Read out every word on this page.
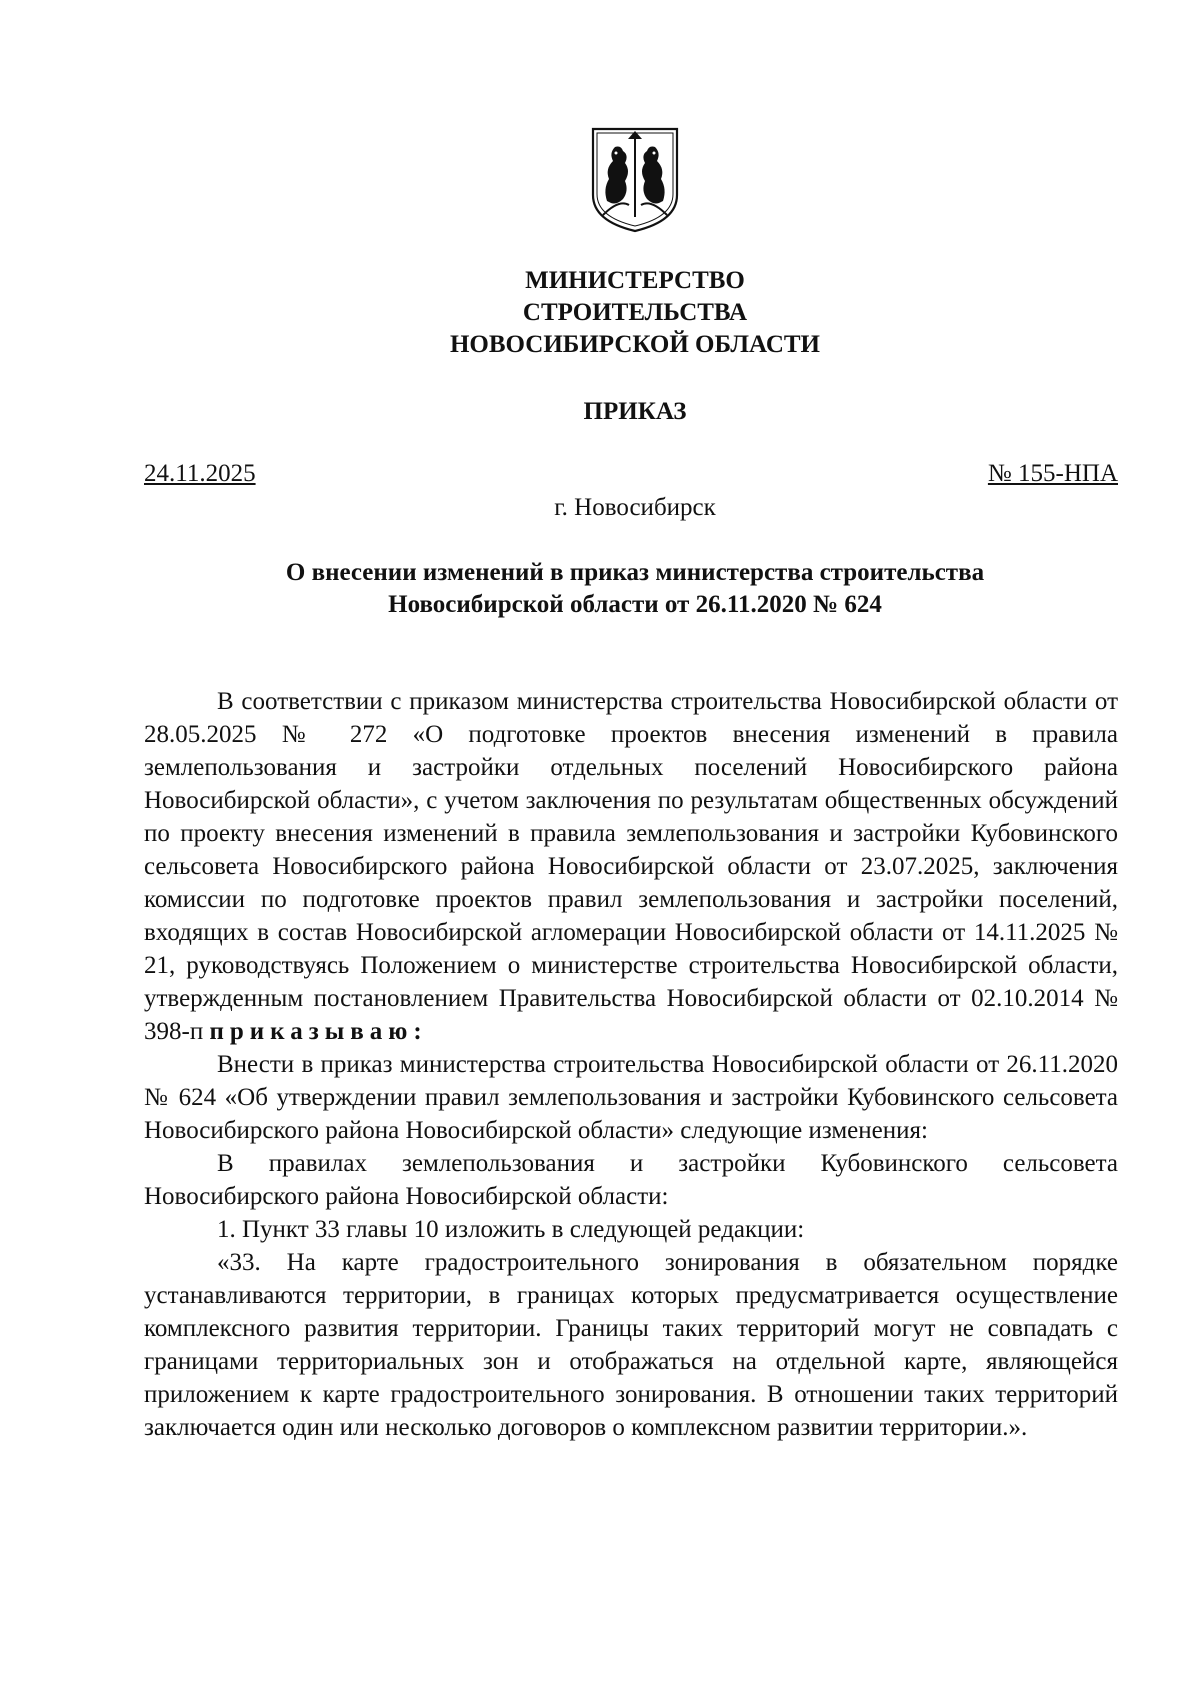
МИНИСТЕРСТВО
СТРОИТЕЛЬСТВА
НОВОСИБИРСКОЙ ОБЛАСТИ
ПРИКАЗ
24.11.2025	№ 155-НПА
г. Новосибирск
О внесении изменений в приказ министерства строительства
Новосибирской области от 26.11.2020 № 624

В соответствии с приказом министерства строительства Новосибирской области от 28.05.2025 № 272 «О подготовке проектов внесения изменений в правила землепользования и застройки отдельных поселений Новосибирского района Новосибирской области», с учетом заключения по результатам общественных обсуждений по проекту внесения изменений в правила землепользования и застройки Кубовинского сельсовета Новосибирского района Новосибирской области от 23.07.2025, заключения комиссии по подготовке проектов правил землепользования и застройки поселений, входящих в состав Новосибирской агломерации Новосибирской области от 14.11.2025 № 21, руководствуясь Положением о министерстве строительства Новосибирской области, утвержденным постановлением Правительства Новосибирской области от 02.10.2014 № 398-п приказываю:

Внести в приказ министерства строительства Новосибирской области от 26.11.2020 № 624 «Об утверждении правил землепользования и застройки Кубовинского сельсовета Новосибирского района Новосибирской области» следующие изменения:

В правилах землепользования и застройки Кубовинского сельсовета Новосибирского района Новосибирской области:

1. Пункт 33 главы 10 изложить в следующей редакции:

«33. На карте градостроительного зонирования в обязательном порядке устанавливаются территории, в границах которых предусматривается осуществление комплексного развития территории. Границы таких территорий могут не совпадать с границами территориальных зон и отображаться на отдельной карте, являющейся приложением к карте градостроительного зонирования. В отношении таких территорий заключается один или несколько договоров о комплексном развитии территории.».
